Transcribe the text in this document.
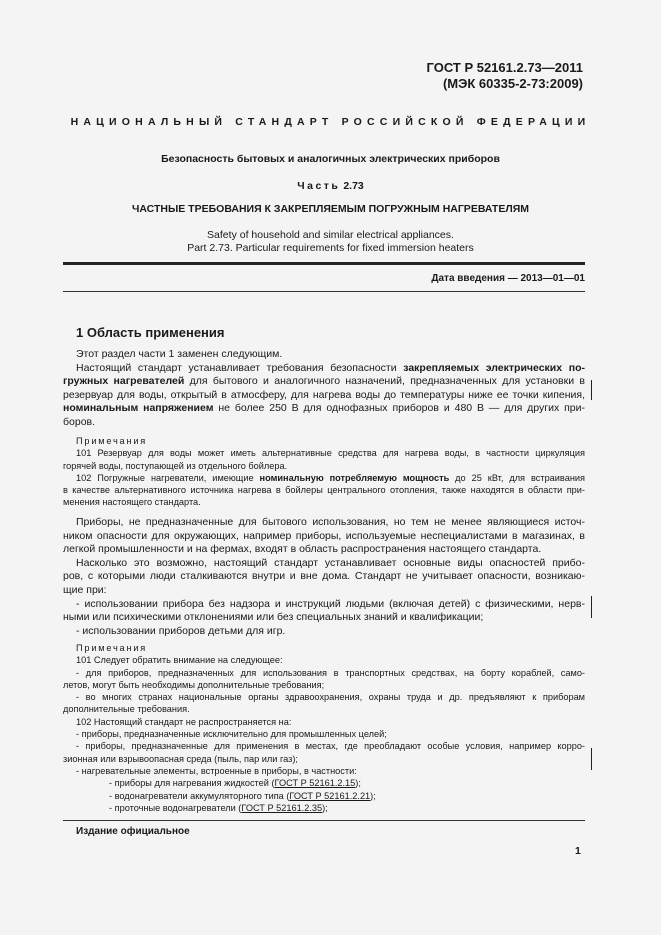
ГОСТ Р 52161.2.73—2011
(МЭК 60335-2-73:2009)
НАЦИОНАЛЬНЫЙ СТАНДАРТ РОССИЙСКОЙ ФЕДЕРАЦИИ
Безопасность бытовых и аналогичных электрических приборов
Часть 2.73
ЧАСТНЫЕ ТРЕБОВАНИЯ К ЗАКРЕПЛЯЕМЫМ ПОГРУЖНЫМ НАГРЕВАТЕЛЯМ
Safety of household and similar electrical appliances.
Part 2.73. Particular requirements for fixed immersion heaters
Дата введения — 2013—01—01
1 Область применения
Этот раздел части 1 заменен следующим.
Настоящий стандарт устанавливает требования безопасности закрепляемых электрических по-
гружных нагревателей для бытового и аналогичного назначений, предназначенных для установки в
резервуар для воды, открытый в атмосферу, для нагрева воды до температуры ниже ее точки кипения,
номинальным напряжением не более 250 В для однофазных приборов и 480 В — для других при-
боров.
Примечания
101 Резервуар для воды может иметь альтернативные средства для нагрева воды, в частности циркуляция
горячей воды, поступающей из отдельного бойлера.
102 Погружные нагреватели, имеющие номинальную потребляемую мощность до 25 кВт, для встраивания
в качестве альтернативного источника нагрева в бойлеры центрального отопления, также находятся в области при-
менения настоящего стандарта.
Приборы, не предназначенные для бытового использования, но тем не менее являющиеся источ-
ником опасности для окружающих, например приборы, используемые неспециалистами в магазинах, в
легкой промышленности и на фермах, входят в область распространения настоящего стандарта.
Насколько это возможно, настоящий стандарт устанавливает основные виды опасностей прибо-
ров, с которыми люди сталкиваются внутри и вне дома. Стандарт не учитывает опасности, возникаю-
щие при:
- использовании прибора без надзора и инструкций людьми (включая детей) с физическими, нерв-
ными или психическими отклонениями или без специальных знаний и квалификации;
- использовании приборов детьми для игр.
Примечания
101 Следует обратить внимание на следующее:
- для приборов, предназначенных для использования в транспортных средствах, на борту кораблей, само-
летов, могут быть необходимы дополнительные требования;
- во многих странах национальные органы здравоохранения, охраны труда и др. предъявляют к приборам
дополнительные требования.
102 Настоящий стандарт не распространяется на:
- приборы, предназначенные исключительно для промышленных целей;
- приборы, предназначенные для применения в местах, где преобладают особые условия, например корро-
зионная или взрывоопасная среда (пыль, пар или газ);
- нагревательные элементы, встроенные в приборы, в частности:
- приборы для нагревания жидкостей (ГОСТ Р 52161.2.15);
- водонагреватели аккумуляторного типа (ГОСТ Р 52161.2.21);
- проточные водонагреватели (ГОСТ Р 52161.2.35);
Издание официальное
1
